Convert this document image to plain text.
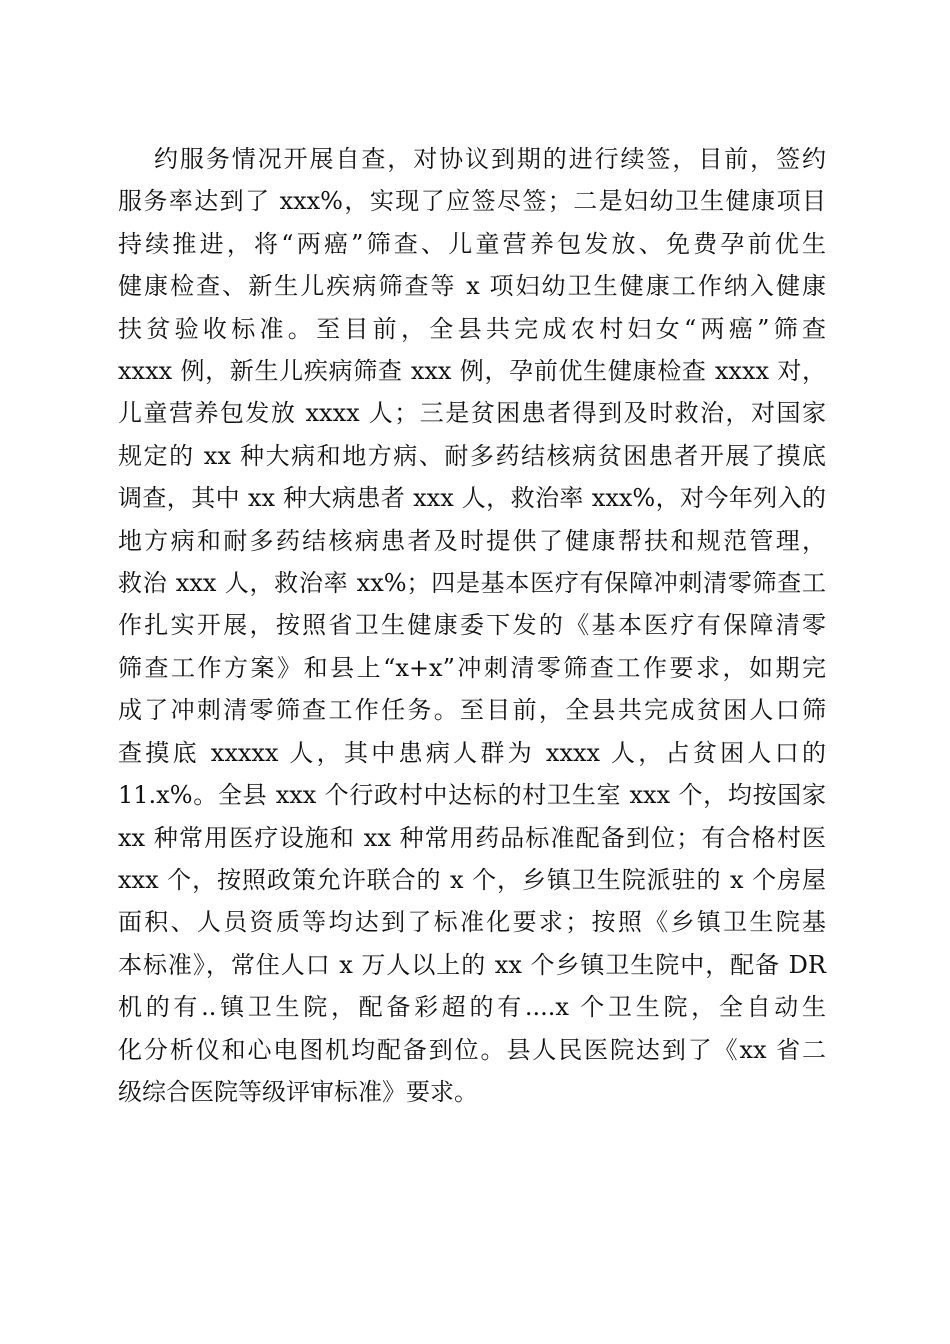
约服务情况开展自查，对协议到期的进行续签，目前，签约
服务率达到了 xxx%，实现了应签尽签；二是妇幼卫生健康项目
持续推进，将“两癌”筛查、儿童营养包发放、免费孕前优生
健康检查、新生儿疾病筛查等 x 项妇幼卫生健康工作纳入健康
扶贫验收标准。至目前，全县共完成农村妇女“两癌”筛查
xxxx 例，新生儿疾病筛查 xxx 例，孕前优生健康检查 xxxx 对，
儿童营养包发放 xxxx 人；三是贫困患者得到及时救治，对国家
规定的 xx 种大病和地方病、耐多药结核病贫困患者开展了摸底
调查，其中 xx 种大病患者 xxx 人，救治率 xxx%，对今年列入的
地方病和耐多药结核病患者及时提供了健康帮扶和规范管理，
救治 xxx 人，救治率 xx%；四是基本医疗有保障冲刺清零筛查工
作扎实开展，按照省卫生健康委下发的《基本医疗有保障清零
筛查工作方案》和县上“x+x”冲刺清零筛查工作要求，如期完
成了冲刺清零筛查工作任务。至目前，全县共完成贫困人口筛
查摸底 xxxxx 人，其中患病人群为 xxxx 人，占贫困人口的
11.x%。全县 xxx 个行政村中达标的村卫生室 xxx 个，均按国家
xx 种常用医疗设施和 xx 种常用药品标准配备到位；有合格村医
xxx 个，按照政策允许联合的 x 个，乡镇卫生院派驻的 x 个房屋
面积、人员资质等均达到了标准化要求；按照《乡镇卫生院基
本标准》，常住人口 x 万人以上的 xx 个乡镇卫生院中，配备 DR
机的有..镇卫生院，配备彩超的有....x 个卫生院，全自动生
化分析仪和心电图机均配备到位。县人民医院达到了《xx 省二
级综合医院等级评审标准》要求。
